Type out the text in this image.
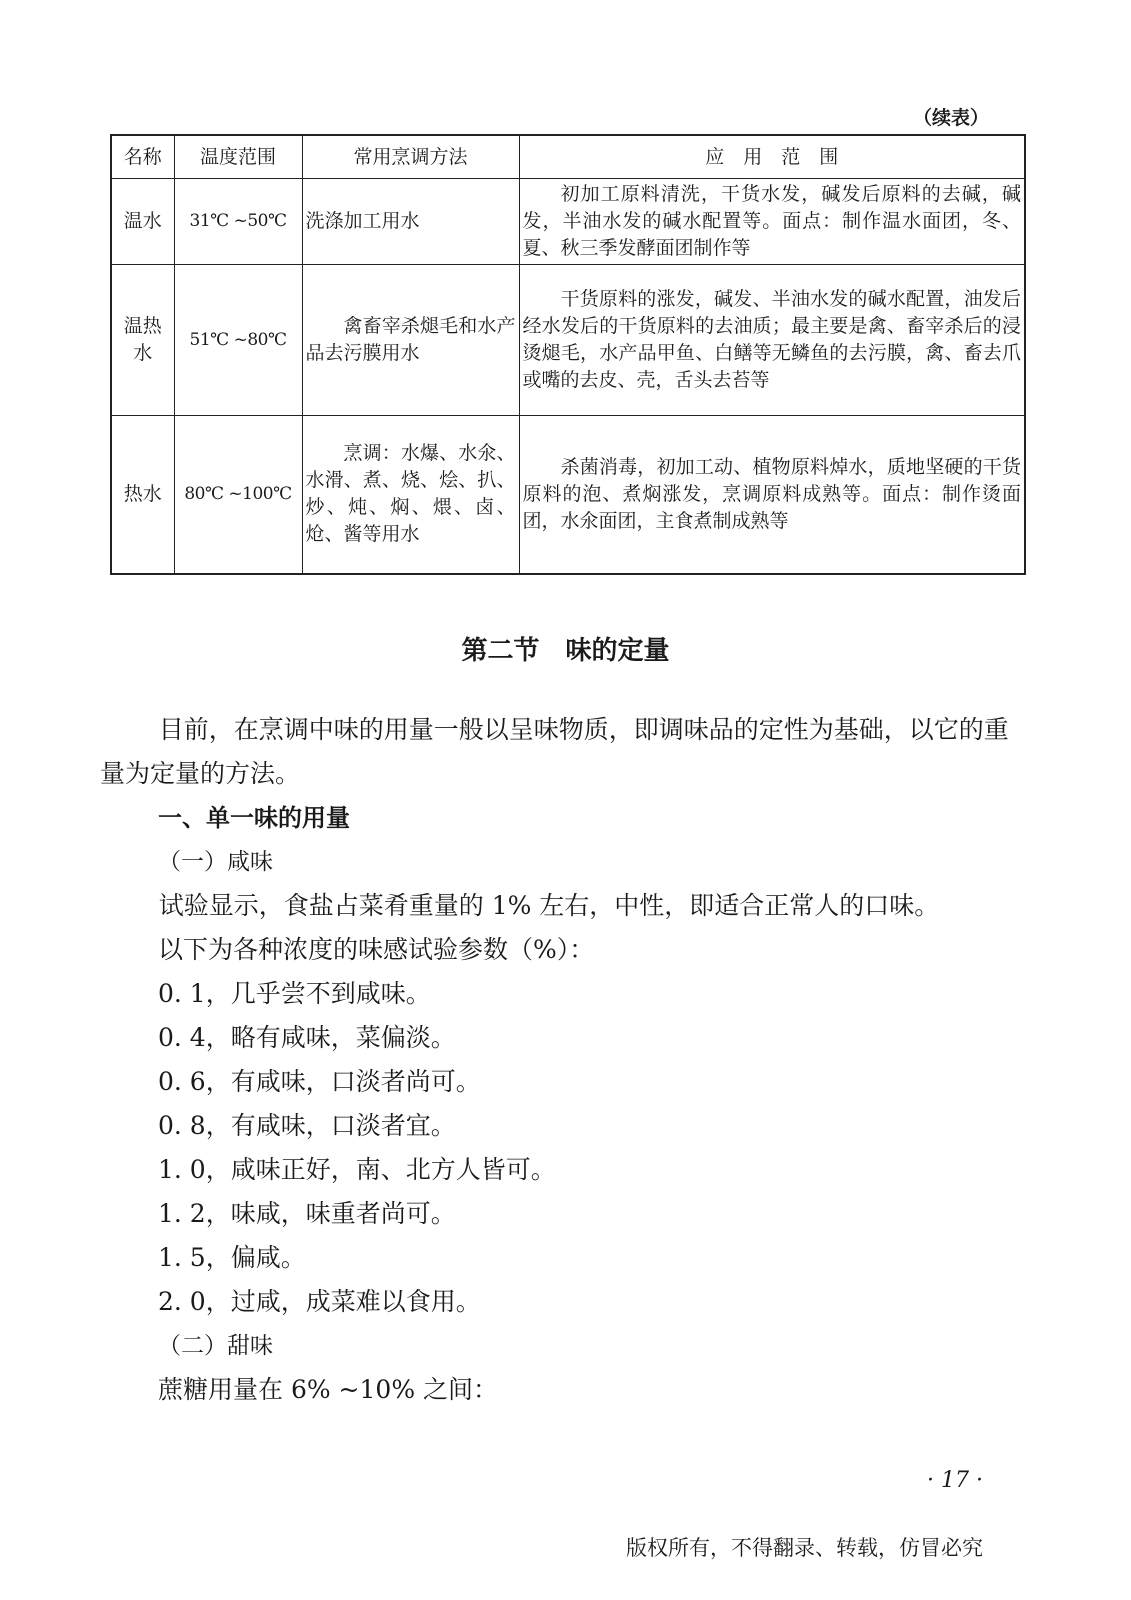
（续表）
名称	温度范围	常用烹调方法	应　用　范　围
温水	31℃ ~50℃	洗涤加工用水	初加工原料清洗，干货水发，碱发后原料的去碱，碱发，半油水发的碱水配置等。面点：制作温水面团，冬、夏、秋三季发酵面团制作等
温热水	51℃ ~80℃	禽畜宰杀煺毛和水产品去污膜用水	干货原料的涨发，碱发、半油水发的碱水配置，油发后经水发后的干货原料的去油质；最主要是禽、畜宰杀后的浸烫煺毛，水产品甲鱼、白鳝等无鳞鱼的去污膜，禽、畜去爪或嘴的去皮、壳，舌头去苔等
热水	80℃ ~100℃	烹调：水爆、水氽、水滑、煮、烧、烩、扒、炒、炖、焖、煨、卤、炝、酱等用水	杀菌消毒，初加工动、植物原料焯水，质地坚硬的干货原料的泡、煮焖涨发，烹调原料成熟等。面点：制作烫面团，水氽面团，主食煮制成熟等
第二节　味的定量

目前，在烹调中味的用量一般以呈味物质，即调味品的定性为基础，以它的重量为定量的方法。

一、单一味的用量

（一）咸味

试验显示，食盐占菜肴重量的 1% 左右，中性，即适合正常人的口味。

以下为各种浓度的味感试验参数（%）：

0. 1，几乎尝不到咸味。

0. 4，略有咸味，菜偏淡。

0. 6，有咸味，口淡者尚可。

0. 8，有咸味，口淡者宜。

1. 0，咸味正好，南、北方人皆可。

1. 2，味咸，味重者尚可。

1. 5，偏咸。

2. 0，过咸，成菜难以食用。

（二）甜味

蔗糖用量在 6% ~10% 之间：

· 17 ·
版权所有，不得翻录、转载，仿冒必究
